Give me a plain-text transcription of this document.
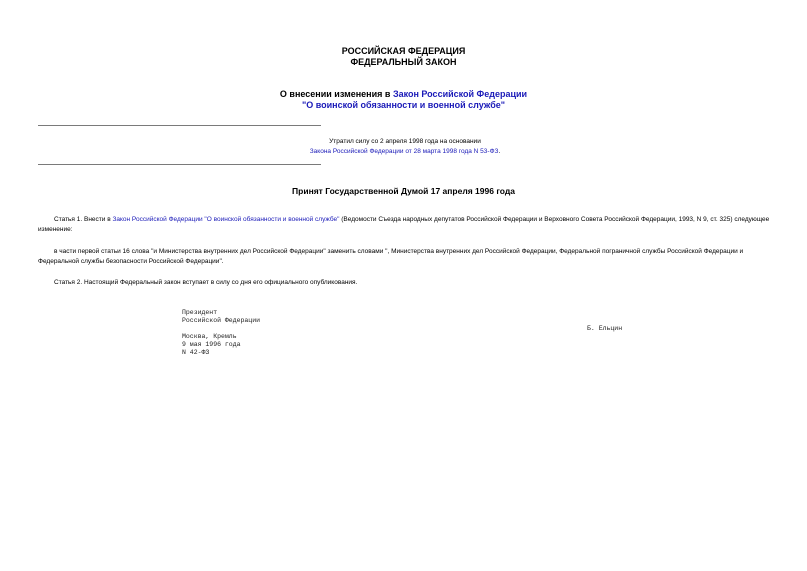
РОССИЙСКАЯ ФЕДЕРАЦИЯ
ФЕДЕРАЛЬНЫЙ ЗАКОН
О внесении изменения в Закон Российской Федерации
"О воинской обязанности и военной службе"
Утратил силу со 2 апреля 1998 года на основании
Закона Российской Федерации от 28 марта 1998 года N 53-ФЗ.
Принят Государственной Думой 17 апреля 1996 года
Статья 1. Внести в Закон Российской Федерации "О воинской обязанности и военной службе" (Ведомости Съезда народных депутатов Российской Федерации и Верховного Совета Российской Федерации, 1993, N 9, ст. 325) следующее изменение:
в части первой статьи 16 слова "и Министерства внутренних дел Российской Федерации" заменить словами ", Министерства внутренних дел Российской Федерации, Федеральной пограничной службы Российской Федерации и Федеральной службы безопасности Российской Федерации".
Статья 2. Настоящий Федеральный закон вступает в силу со дня его официального опубликования.
Президент
Российской Федерации
Б. Ельцин
Москва, Кремль
9 мая 1996 года
N 42-ФЗ
